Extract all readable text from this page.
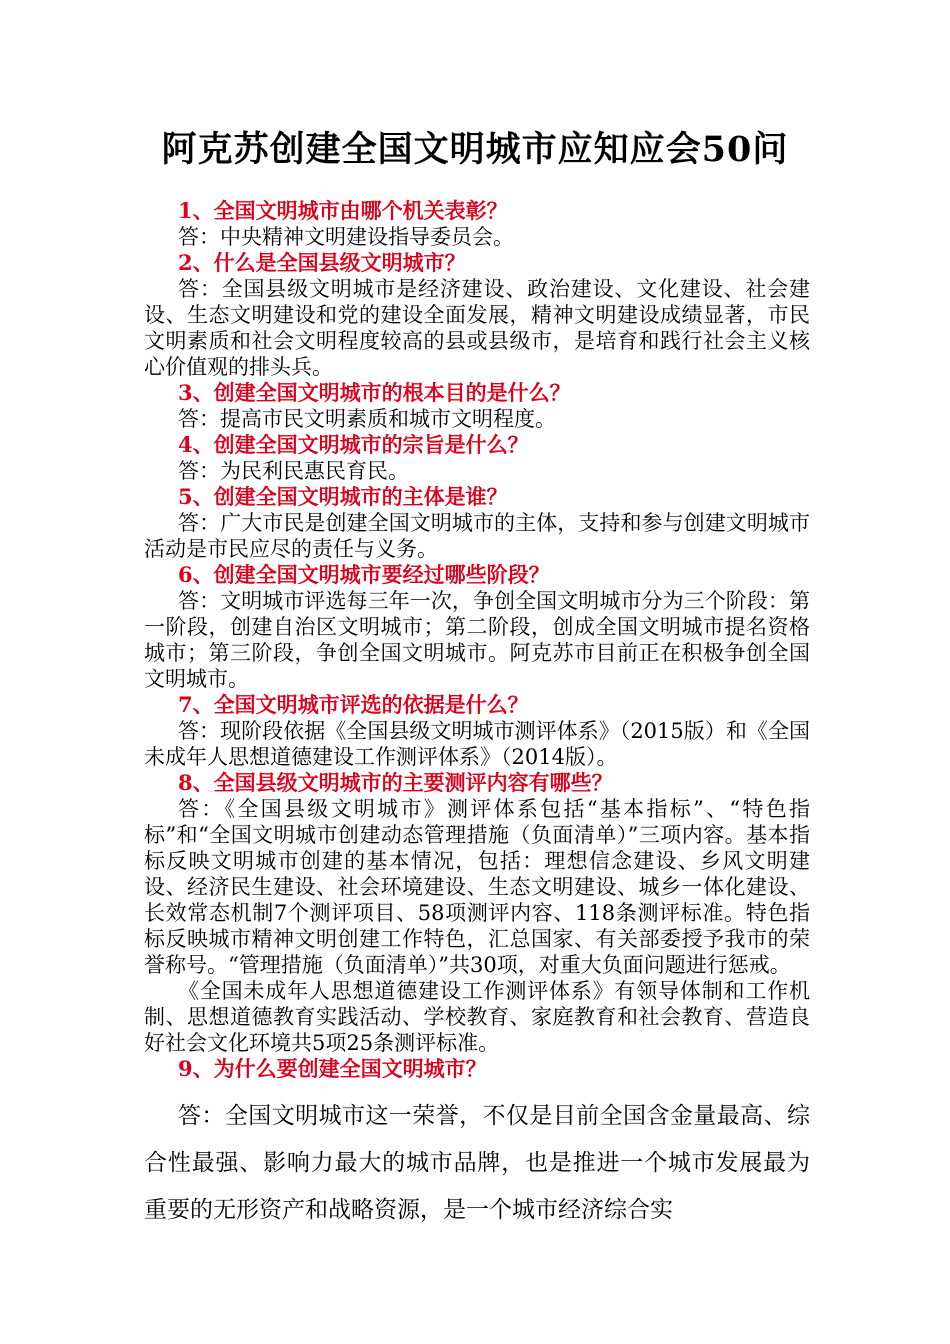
阿克苏创建全国文明城市应知应会50问

1、全国文明城市由哪个机关表彰？

答：中央精神文明建设指导委员会。

2、什么是全国县级文明城市？

答：全国县级文明城市是经济建设、政治建设、文化建设、社会建设、生态文明建设和党的建设全面发展，精神文明建设成绩显著，市民文明素质和社会文明程度较高的县或县级市，是培育和践行社会主义核心价值观的排头兵。

3、创建全国文明城市的根本目的是什么？

答：提高市民文明素质和城市文明程度。

4、创建全国文明城市的宗旨是什么？

答：为民利民惠民育民。

5、创建全国文明城市的主体是谁？

答：广大市民是创建全国文明城市的主体，支持和参与创建文明城市活动是市民应尽的责任与义务。

6、创建全国文明城市要经过哪些阶段？

答：文明城市评选每三年一次，争创全国文明城市分为三个阶段：第一阶段，创建自治区文明城市；第二阶段，创成全国文明城市提名资格城市；第三阶段，争创全国文明城市。阿克苏市目前正在积极争创全国文明城市。

7、全国文明城市评选的依据是什么？

答：现阶段依据《全国县级文明城市测评体系》（2015版）和《全国未成年人思想道德建设工作测评体系》（2014版）。

8、全国县级文明城市的主要测评内容有哪些？

答：《全国县级文明城市》测评体系包括“基本指标”、“特色指标”和“全国文明城市创建动态管理措施（负面清单）”三项内容。基本指标反映文明城市创建的基本情况，包括：理想信念建设、乡风文明建设、经济民生建设、社会环境建设、生态文明建设、城乡一体化建设、长效常态机制7个测评项目、58项测评内容、118条测评标准。特色指标反映城市精神文明创建工作特色，汇总国家、有关部委授予我市的荣誉称号。“管理措施（负面清单）”共30项，对重大负面问题进行惩戒。

《全国未成年人思想道德建设工作测评体系》有领导体制和工作机制、思想道德教育实践活动、学校教育、家庭教育和社会教育、营造良好社会文化环境共5项25条测评标准。

9、为什么要创建全国文明城市？

答：全国文明城市这一荣誉，不仅是目前全国含金量最高、综合性最强、影响力最大的城市品牌，也是推进一个城市发展最为重要的无形资产和战略资源，是一个城市经济综合实
